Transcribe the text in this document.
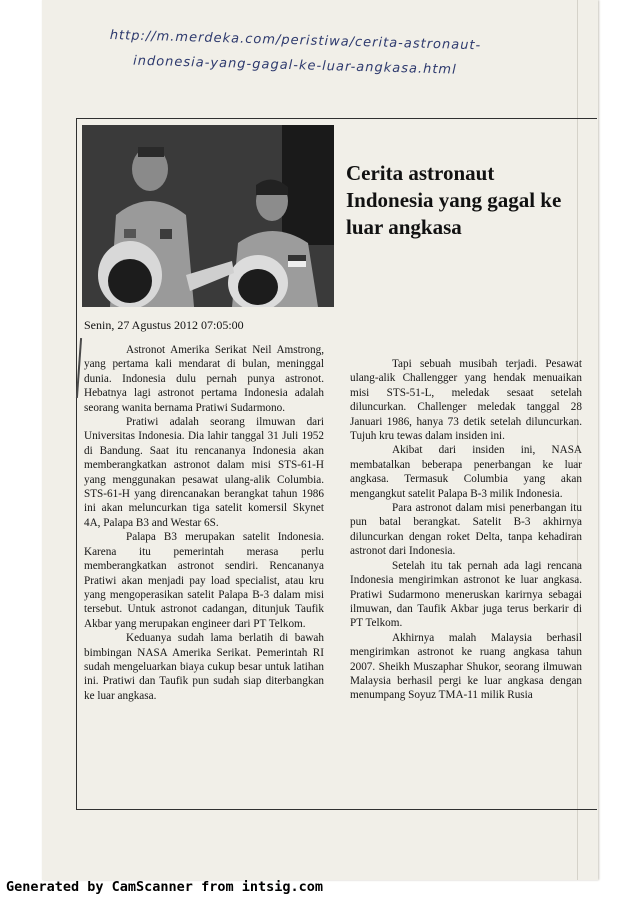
http://m.merdeka.com/peristiwa/cerita-astronaut-
indonesia-yang-gagal-ke-luar-angkasa.html
Cerita astronaut Indonesia yang gagal ke luar angkasa
Senin, 27 Agustus 2012 07:05:00

Astronot Amerika Serikat Neil Amstrong, yang pertama kali mendarat di bulan, meninggal dunia. Indonesia dulu pernah punya astronot. Hebatnya lagi astronot pertama Indonesia adalah seorang wanita bernama Pratiwi Sudarmono.

Pratiwi adalah seorang ilmuwan dari Universitas Indonesia. Dia lahir tanggal 31 Juli 1952 di Bandung. Saat itu rencananya Indonesia akan memberangkatkan astronot dalam misi STS-61-H yang menggunakan pesawat ulang-alik Columbia. STS-61-H yang direncanakan berangkat tahun 1986 ini akan meluncurkan tiga satelit komersil Skynet 4A, Palapa B3 and Westar 6S.

Palapa B3 merupakan satelit Indonesia. Karena itu pemerintah merasa perlu memberangkatkan astronot sendiri. Rencananya Pratiwi akan menjadi pay load specialist, atau kru yang mengoperasikan satelit Palapa B-3 dalam misi tersebut. Untuk astronot cadangan, ditunjuk Taufik Akbar yang merupakan engineer dari PT Telkom.

Keduanya sudah lama berlatih di bawah bimbingan NASA Amerika Serikat. Pemerintah RI sudah mengeluarkan biaya cukup besar untuk latihan ini. Pratiwi dan Taufik pun sudah siap diterbangkan ke luar angkasa.

Tapi sebuah musibah terjadi. Pesawat ulang-alik Challengger yang hendak menuaikan misi STS-51-L, meledak sesaat setelah diluncurkan. Challenger meledak tanggal 28 Januari 1986, hanya 73 detik setelah diluncurkan. Tujuh kru tewas dalam insiden ini.

Akibat dari insiden ini, NASA membatalkan beberapa penerbangan ke luar angkasa. Termasuk Columbia yang akan mengangkut satelit Palapa B-3 milik Indonesia.

Para astronot dalam misi penerbangan itu pun batal berangkat. Satelit B-3 akhirnya diluncurkan dengan roket Delta, tanpa kehadiran astronot dari Indonesia.

Setelah itu tak pernah ada lagi rencana Indonesia mengirimkan astronot ke luar angkasa. Pratiwi Sudarmono meneruskan karirnya sebagai ilmuwan, dan Taufik Akbar juga terus berkarir di PT Telkom.

Akhirnya malah Malaysia berhasil mengirimkan astronot ke ruang angkasa tahun 2007. Sheikh Muszaphar Shukor, seorang ilmuwan Malaysia berhasil pergi ke luar angkasa dengan menumpang Soyuz TMA-11 milik Rusia

Generated by CamScanner from intsig.com
